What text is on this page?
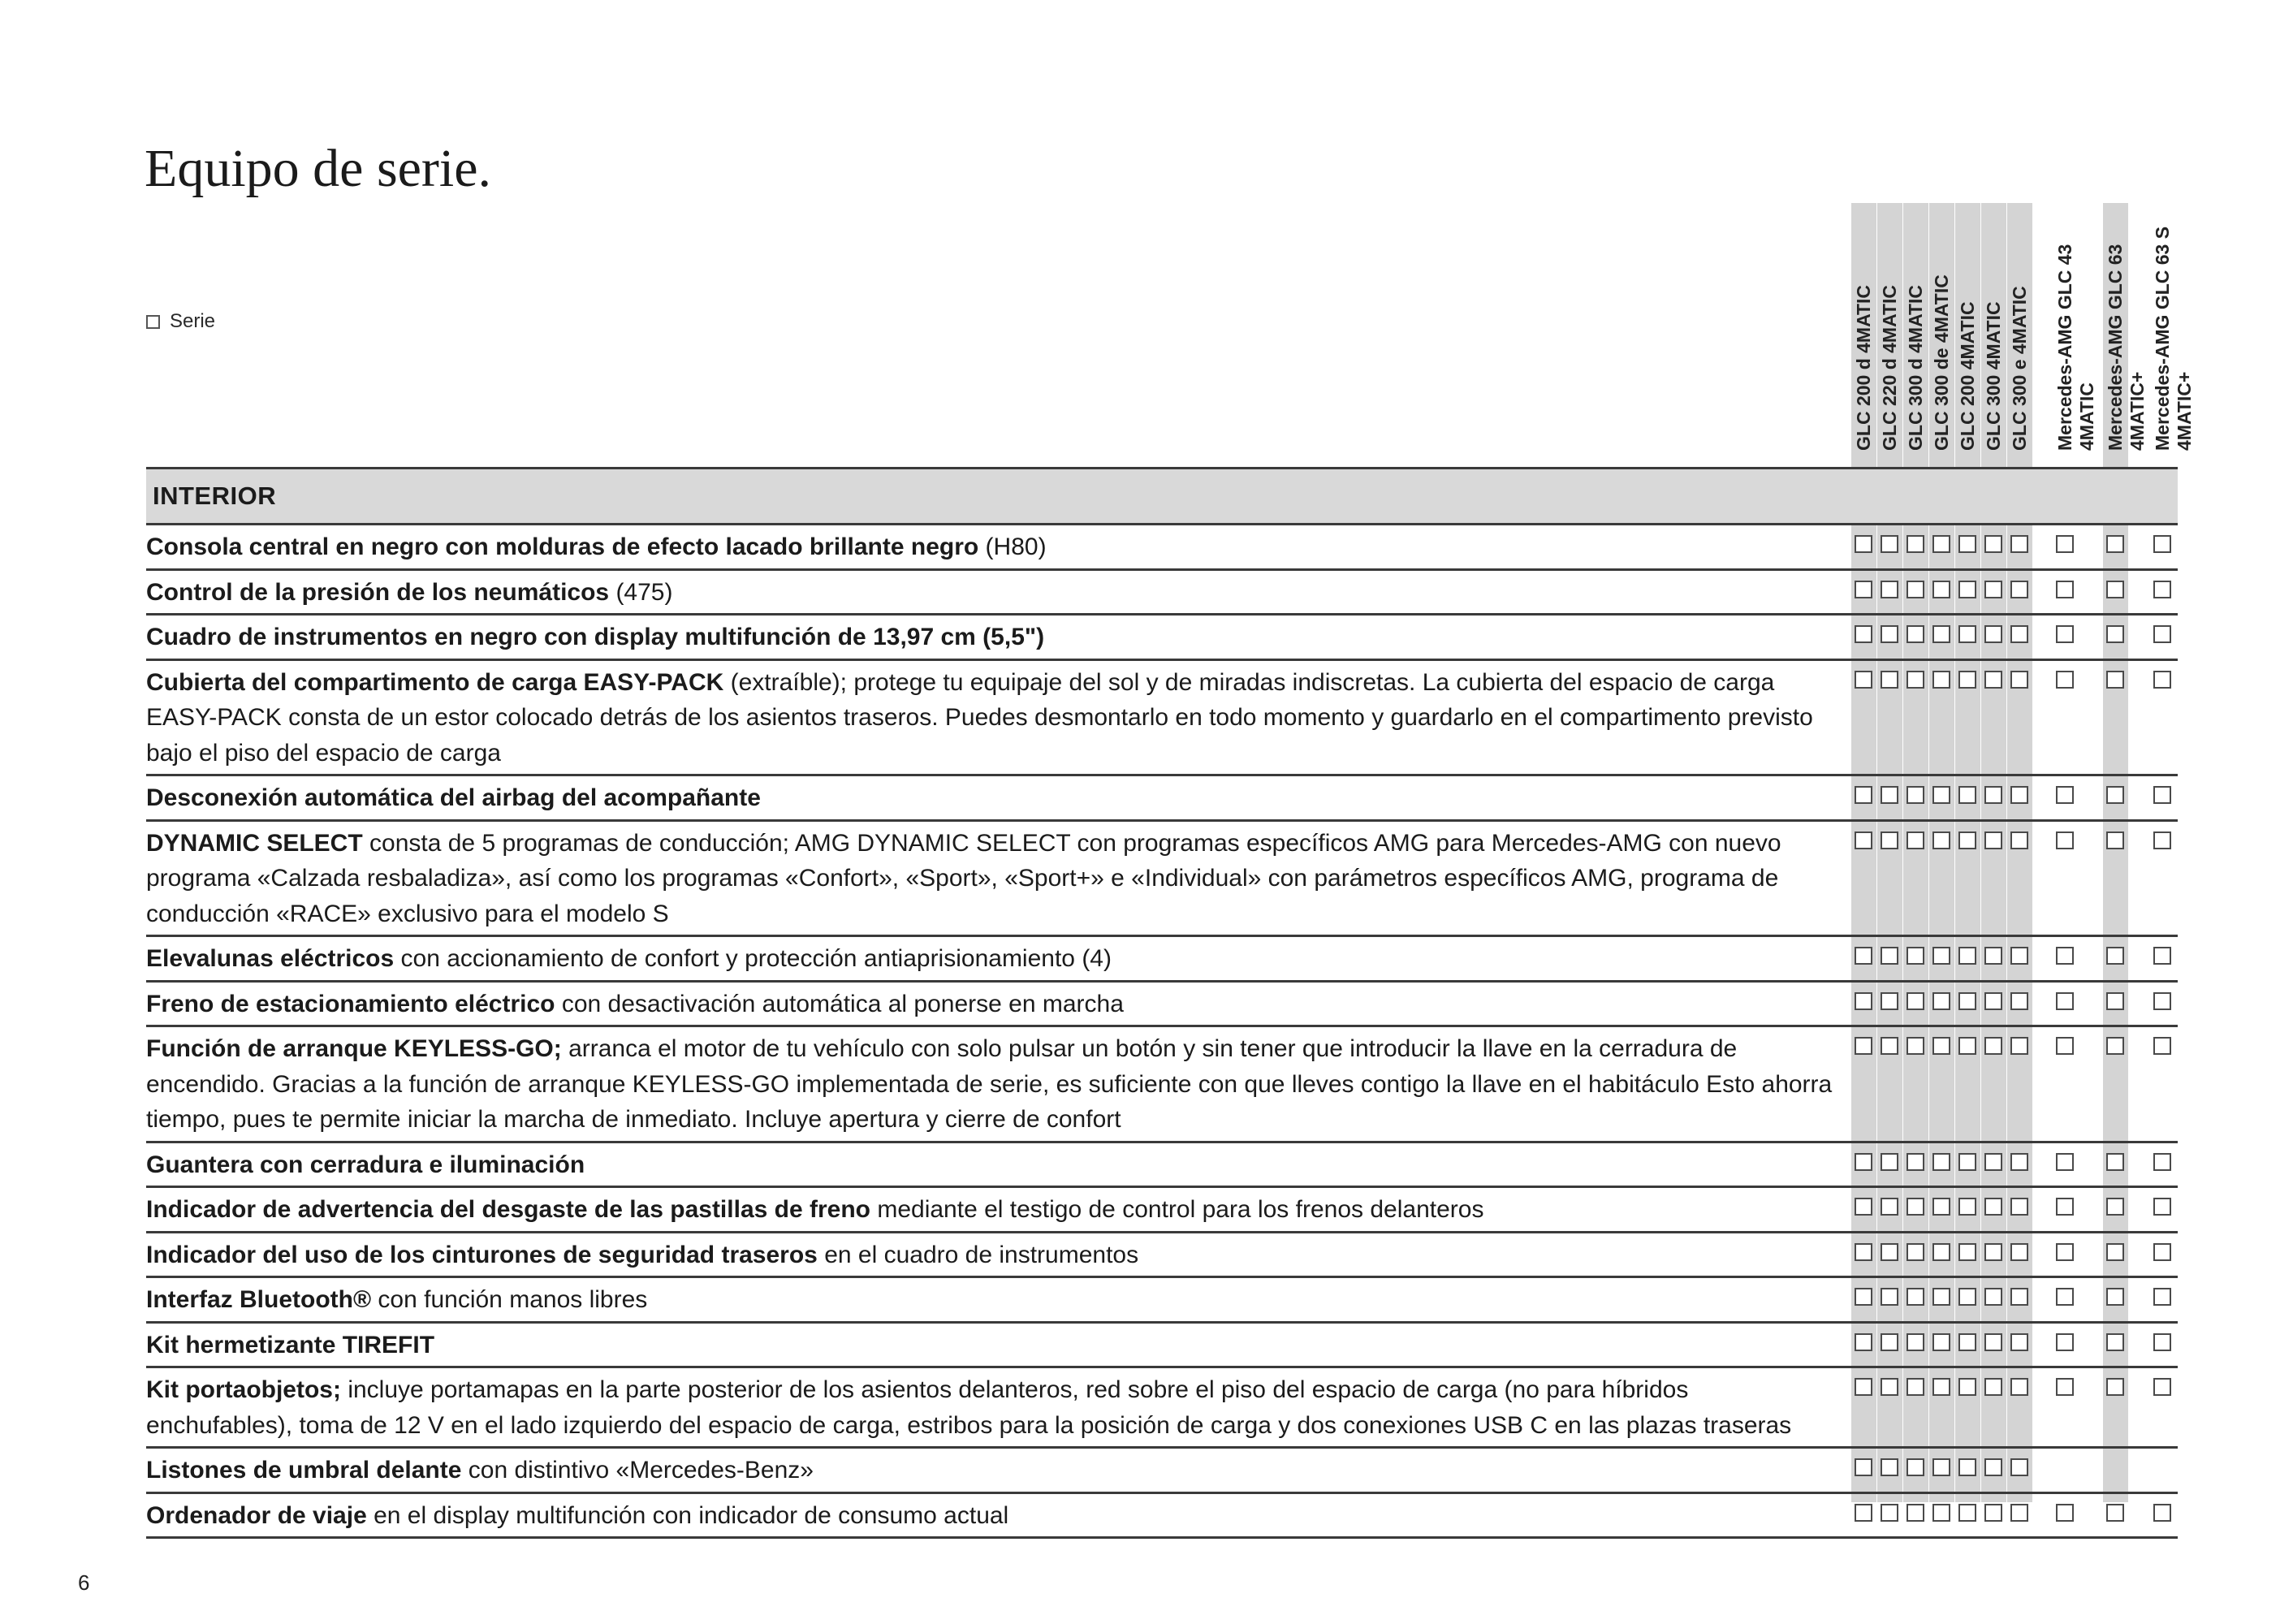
Equipo de serie.
Serie	GLC 200 d 4MATIC GLC 220 d 4MATIC GLC 300 d 4MATIC GLC 300 de 4MATIC GLC 200 4MATIC GLC 300 4MATIC GLC 300 e 4MATIC Mercedes-AMG GLC 43 4MATIC Mercedes-AMG GLC 63 4MATIC+ Mercedes-AMG GLC 63 S 4MATIC+
INTERIOR
Consola central en negro con molduras de efecto lacado brillante negro (H80)
Control de la presión de los neumáticos (475)
Cuadro de instrumentos en negro con display multifunción de 13,97 cm (5,5")
Cubierta del compartimento de carga EASY-PACK (extraíble); protege tu equipaje del sol y de miradas indiscretas. La cubierta del espacio de carga EASY-PACK consta de un estor colocado detrás de los asientos traseros. Puedes desmontarlo en todo momento y guardarlo en el compartimento previsto bajo el piso del espacio de carga
Desconexión automática del airbag del acompañante
DYNAMIC SELECT consta de 5 programas de conducción; AMG DYNAMIC SELECT con programas específicos AMG para Mercedes-AMG con nuevo programa «Calzada resbaladiza», así como los programas «Confort», «Sport», «Sport+» e «Individual» con parámetros específicos AMG, programa de conducción «RACE» exclusivo para el modelo S
Elevalunas eléctricos con accionamiento de confort y protección antiaprisionamiento (4)
Freno de estacionamiento eléctrico con desactivación automática al ponerse en marcha
Función de arranque KEYLESS-GO; arranca el motor de tu vehículo con solo pulsar un botón y sin tener que introducir la llave en la cerradura de encendido. Gracias a la función de arranque KEYLESS-GO implementada de serie, es suficiente con que lleves contigo la llave en el habitáculo Esto ahorra tiempo, pues te permite iniciar la marcha de inmediato. Incluye apertura y cierre de confort
Guantera con cerradura e iluminación
Indicador de advertencia del desgaste de las pastillas de freno mediante el testigo de control para los frenos delanteros
Indicador del uso de los cinturones de seguridad traseros en el cuadro de instrumentos
Interfaz Bluetooth® con función manos libres
Kit hermetizante TIREFIT
Kit portaobjetos; incluye portamapas en la parte posterior de los asientos delanteros, red sobre el piso del espacio de carga (no para híbridos enchufables), toma de 12 V en el lado izquierdo del espacio de carga, estribos para la posición de carga y dos conexiones USB C en las plazas traseras
Listones de umbral delante con distintivo «Mercedes-Benz»
Ordenador de viaje en el display multifunción con indicador de consumo actual
6
